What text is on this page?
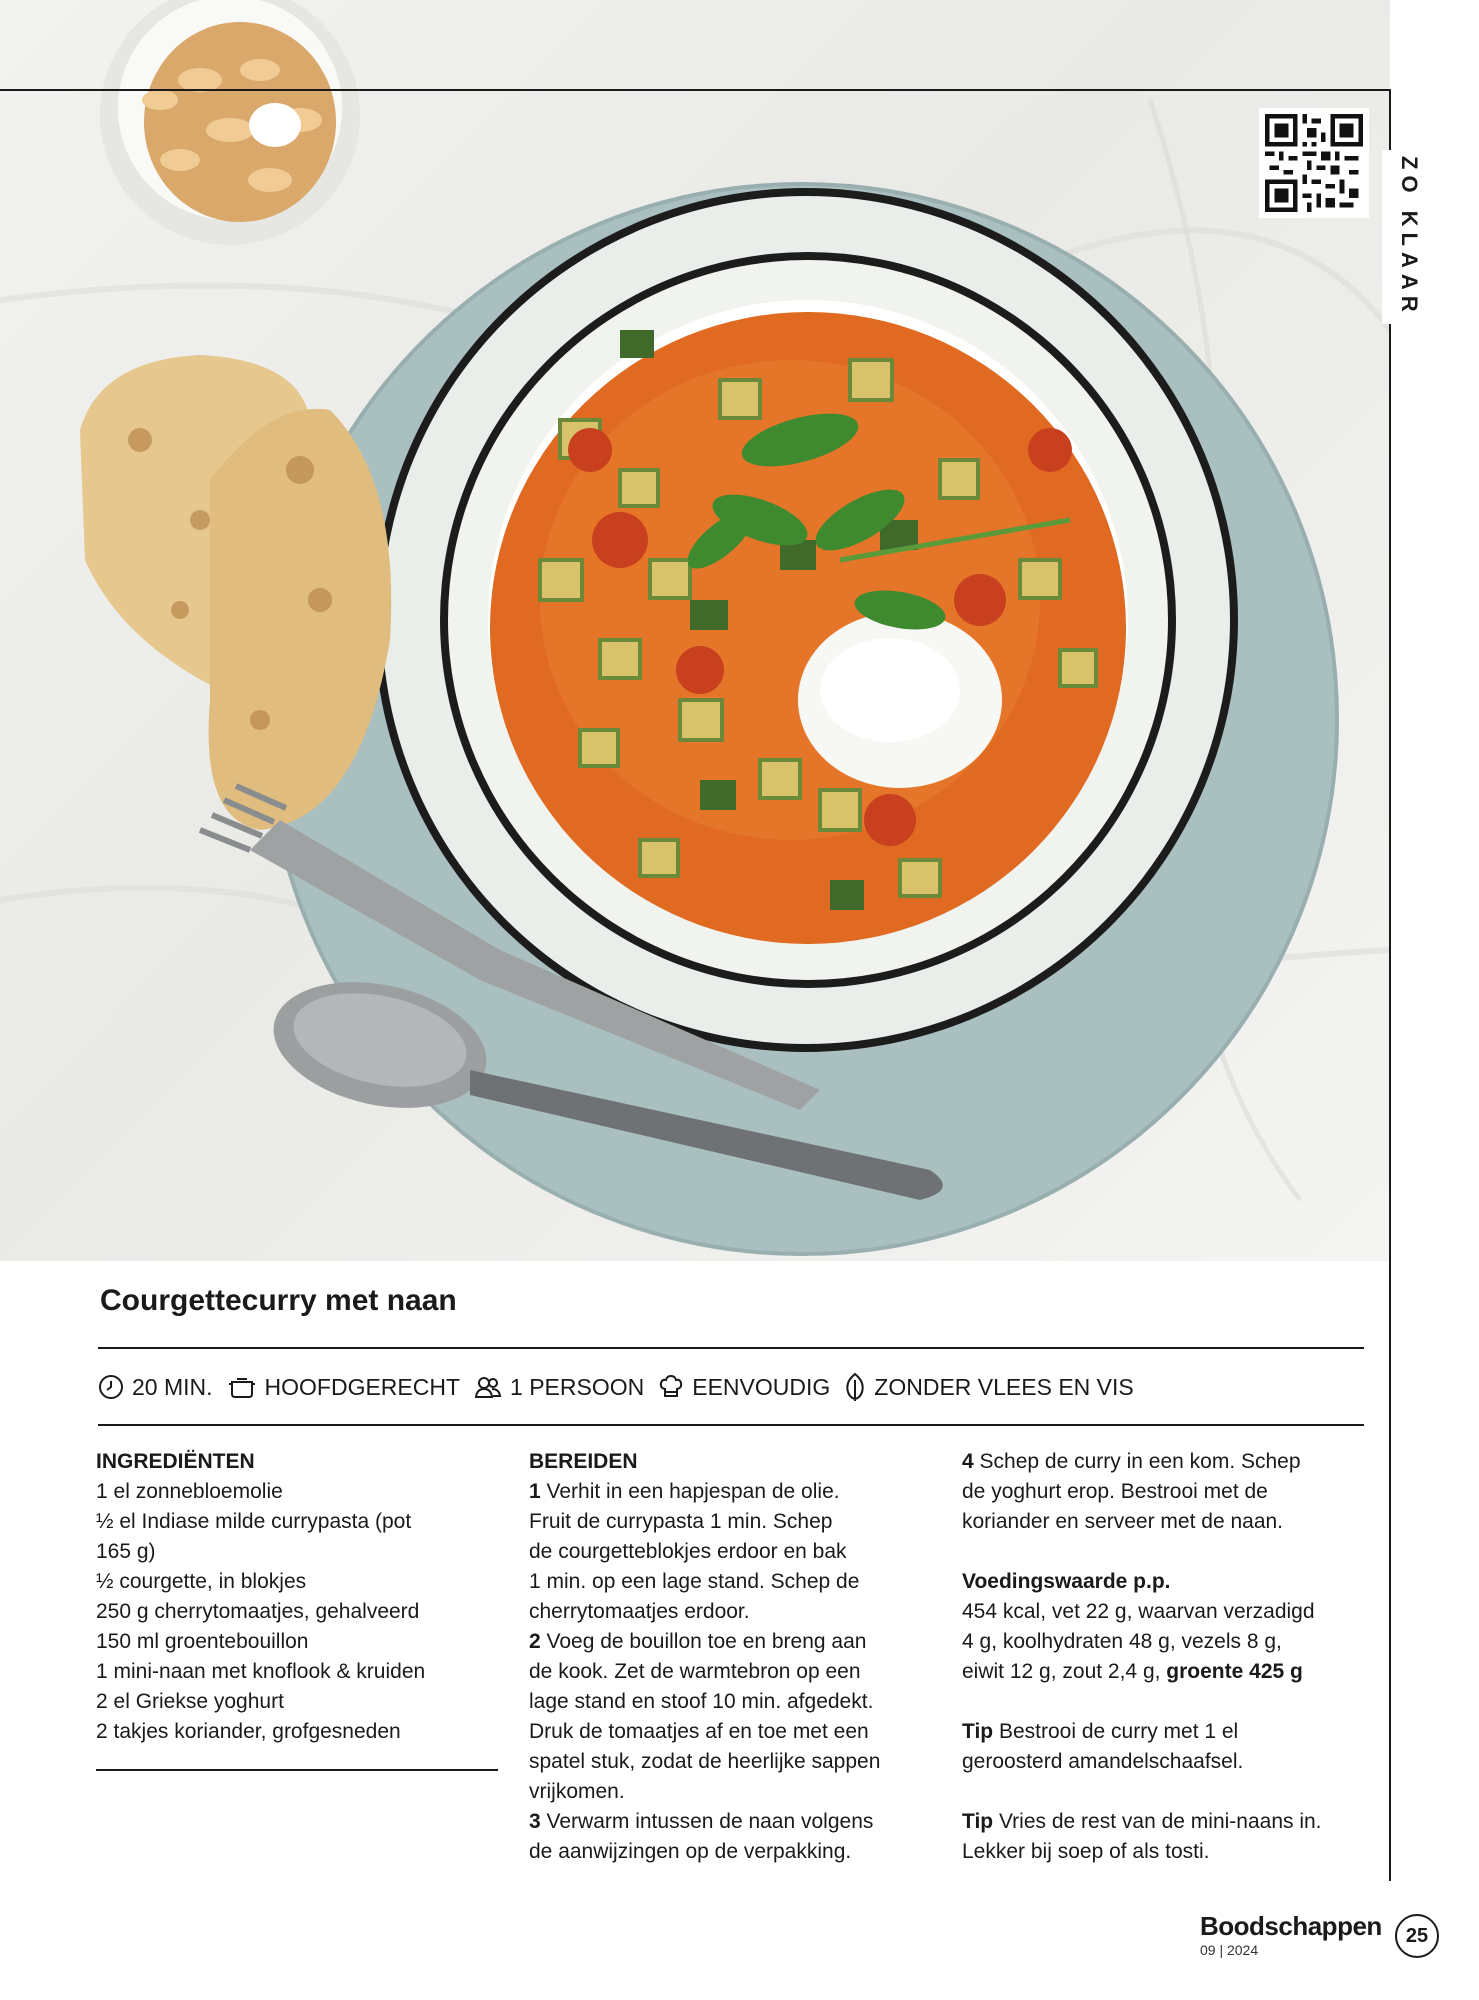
ZO KLAAR
Courgettecurry met naan
20 MIN. HOOFDGERECHT 1 PERSOON EENVOUDIG ZONDER VLEES EN VIS

INGREDIËNTEN

1 el zonnebloemolie

½ el Indiase milde currypasta (pot

165 g)

½ courgette, in blokjes

250 g cherrytomaatjes, gehalveerd

150 ml groentebouillon

1 mini-naan met knoflook & kruiden

2 el Griekse yoghurt

2 takjes koriander, grofgesneden

BEREIDEN

1 Verhit in een hapjespan de olie.

Fruit de currypasta 1 min. Schep

de courgetteblokjes erdoor en bak

1 min. op een lage stand. Schep de

cherrytomaatjes erdoor.

2 Voeg de bouillon toe en breng aan

de kook. Zet de warmtebron op een

lage stand en stoof 10 min. afgedekt.

Druk de tomaatjes af en toe met een

spatel stuk, zodat de heerlijke sappen

vrijkomen.

3 Verwarm intussen de naan volgens

de aanwijzingen op de verpakking.

4 Schep de curry in een kom. Schep

de yoghurt erop. Bestrooi met de

koriander en serveer met de naan.

Voedingswaarde p.p.

454 kcal, vet 22 g, waarvan verzadigd

4 g, koolhydraten 48 g, vezels 8 g,

eiwit 12 g, zout 2,4 g, groente 425 g

Tip Bestrooi de curry met 1 el

geroosterd amandelschaafsel.

Tip Vries de rest van de mini-naans in.

Lekker bij soep of als tosti.

Boodschappen
09 | 2024
25
